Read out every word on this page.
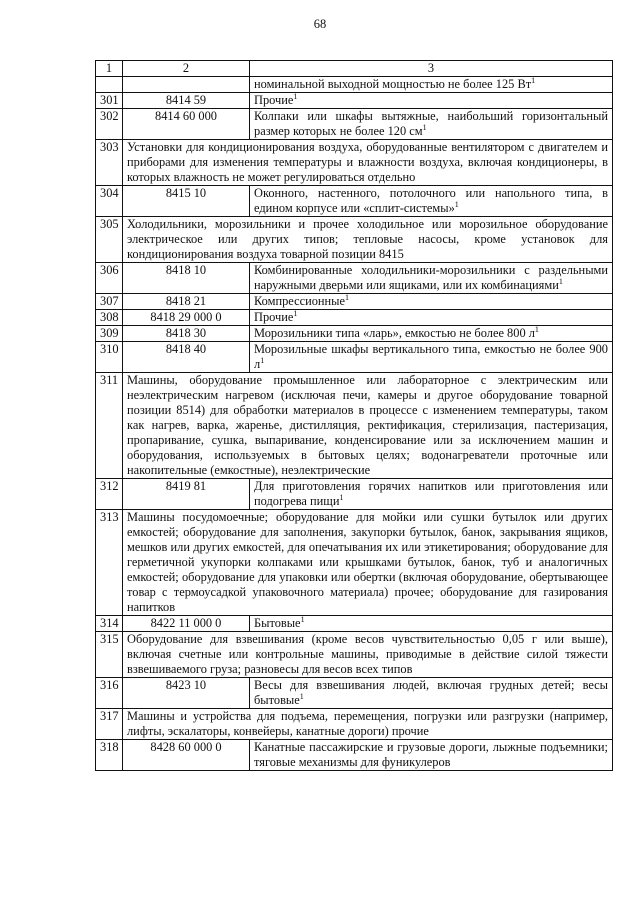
68
1	2	3
		номинальной выходной мощностью не более 125 $Вт^1$
301	8414 59	Прочие$^1$
302	8414 60 000	Колпаки или шкафы вытяжные, наибольший горизонтальный размер которых не более 120 $см^1$
303	Установки для кондиционирования воздуха, оборудованные вентилятором с двигателем и приборами для изменения температуры и влажности воздуха, включая кондиционеры, в которых влажность не может регулироваться отдельно	
304	8415 10	Оконного, настенного, потолочного или напольного типа, в едином корпусе или «сплит-системы»$^1$
305	Холодильники, морозильники и прочее холодильное или морозильное оборудование электрическое или других типов; тепловые насосы, кроме установок для кондиционирования воздуха товарной позиции 8415	
306	8418 10	Комбинированные холодильники-морозильники с раздельными наружными дверьми или ящиками, или их комбинациями$^1$
307	8418 21	Компрессионные$^1$
308	8418 29 000 0	Прочие$^1$
309	8418 30	Морозильники типа «ларь», емкостью не более 800 $л^1$
310	8418 40	Морозильные шкафы вертикального типа, емкостью не более 900 $л^1$
311	Машины, оборудование промышленное или лабораторное с электрическим или неэлектрическим нагревом (исключая печи, камеры и другое оборудование товарной позиции 8514) для обработки материалов в процессе с изменением температуры, таком как нагрев, варка, жаренье, дистилляция, ректификация, стерилизация, пастеризация, пропаривание, сушка, выпаривание, конденсирование или за исключением машин и оборудования, используемых в бытовых целях; водонагреватели проточные или накопительные (емкостные), неэлектрические	
312	8419 81	Для приготовления горячих напитков или приготовления или подогрева пищи$^1$
313	Машины посудомоечные; оборудование для мойки или сушки бутылок или других емкостей; оборудование для заполнения, закупорки бутылок, банок, закрывания ящиков, мешков или других емкостей, для опечатывания их или этикетирования; оборудование для герметичной укупорки колпаками или крышками бутылок, банок, туб и аналогичных емкостей; оборудование для упаковки или обертки (включая оборудование, обертывающее товар с термоусадкой упаковочного материала) прочее; оборудование для газирования напитков	
314	8422 11 000 0	Бытовые$^1$
315	Оборудование для взвешивания (кроме весов чувствительностью 0,05 г или выше), включая счетные или контрольные машины, приводимые в действие силой тяжести взвешиваемого груза; разновесы для весов всех типов	
316	8423 10	Весы для взвешивания людей, включая грудных детей; весы бытовые$^1$
317	Машины и устройства для подъема, перемещения, погрузки или разгрузки (например, лифты, эскалаторы, конвейеры, канатные дороги) прочие	
318	8428 60 000 0	Канатные пассажирские и грузовые дороги, лыжные подъемники; тяговые механизмы для фуникулеров
